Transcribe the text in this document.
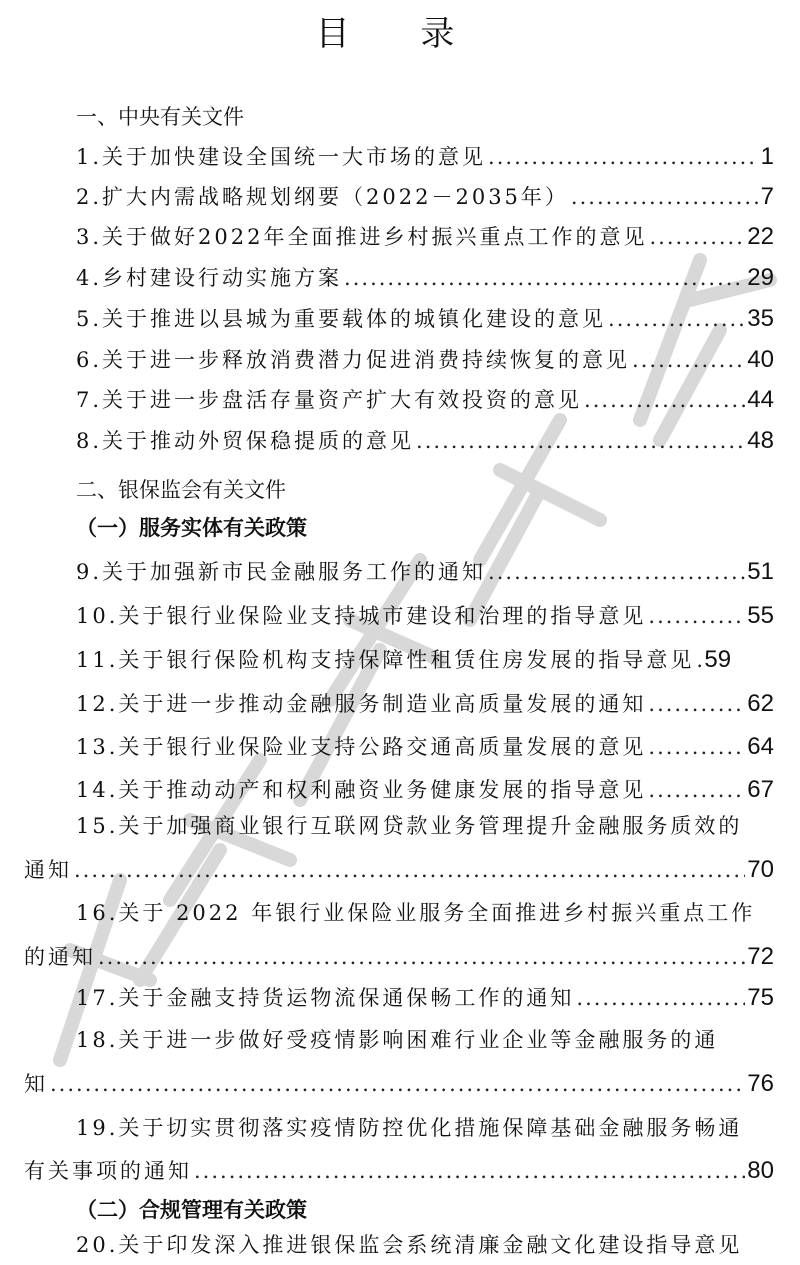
目 录
一、中央有关文件
1.关于加快建设全国统一大市场的意见 .....	1
2.扩大内需战略规划纲要（2022－2035年） .....	7
3.关于做好2022年全面推进乡村振兴重点工作的意见 .....	22
4.乡村建设行动实施方案 .....	29
5.关于推进以县城为重要载体的城镇化建设的意见 .....	35
6.关于进一步释放消费潜力促进消费持续恢复的意见 .....	40
7.关于进一步盘活存量资产扩大有效投资的意见 .....	44
8.关于推动外贸保稳提质的意见 .....	48
二、银保监会有关文件
（一）服务实体有关政策
9.关于加强新市民金融服务工作的通知 .....	51
10.关于银行业保险业支持城市建设和治理的指导意见 .....	55
11.关于银行保险机构支持保障性租赁住房发展的指导意见 ..... 59
12.关于进一步推动金融服务制造业高质量发展的通知 .....	62
13.关于银行业保险业支持公路交通高质量发展的意见 .....	64
14.关于推动动产和权利融资业务健康发展的指导意见 .....	67
15.关于加强商业银行互联网贷款业务管理提升金融服务质效的
通知 .....	70
16.关于 2022 年银行业保险业服务全面推进乡村振兴重点工作
的通知 .....	72
17.关于金融支持货运物流保通保畅工作的通知 .....	75
18.关于进一步做好受疫情影响困难行业企业等金融服务的通
知 .....	76
19.关于切实贯彻落实疫情防控优化措施保障基础金融服务畅通
有关事项的通知 .....	80
（二）合规管理有关政策
20.关于印发深入推进银保监会系统清廉金融文化建设指导意见
